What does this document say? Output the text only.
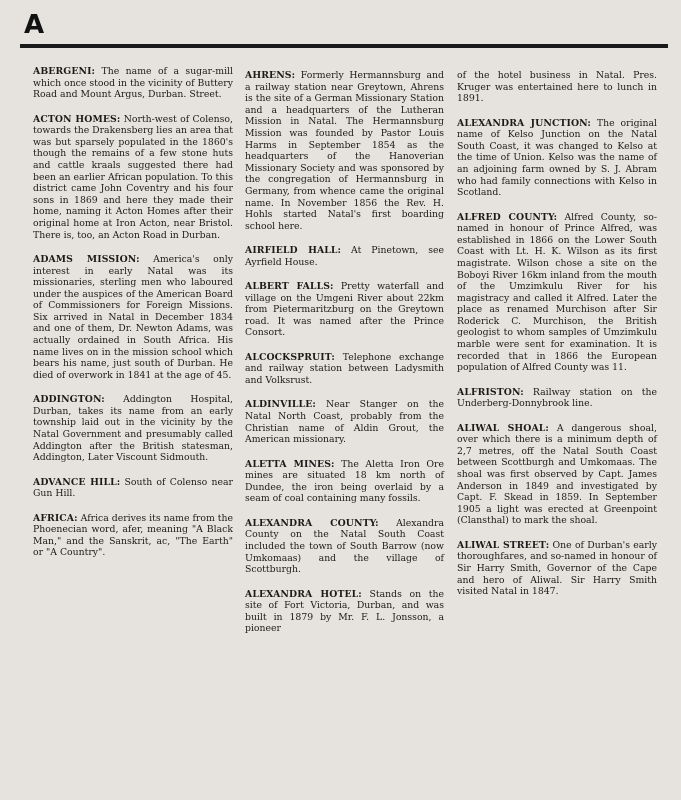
A

ABERGENI: The name of a sugar-mill which once stood in the vicinity of Buttery Road and Mount Argus, Durban. Street.

ACTON HOMES: North-west of Colenso, towards the Drakensberg lies an area that was but sparsely populated in the 1860's though the remains of a few stone huts and cattle kraals suggested there had been an earlier African population. To this district came John Coventry and his four sons in 1869 and here they made their home, naming it Acton Homes after their original home at Iron Acton, near Bristol. There is, too, an Acton Road in Durban.

ADAMS MISSION: America's only interest in early Natal was its missionaries, sterling men who laboured under the auspices of the American Board of Commissioners for Foreign Missions. Six arrived in Natal in December 1834 and one of them, Dr. Newton Adams, was actually ordained in South Africa. His name lives on in the mission school which bears his name, just south of Durban. He died of overwork in 1841 at the age of 45.

ADDINGTON: Addington Hospital, Durban, takes its name from an early township laid out in the vicinity by the Natal Government and presumably called Addington after the British statesman, Addington, Later Viscount Sidmouth.

ADVANCE HILL: South of Colenso near Gun Hill.

AFRICA: Africa derives its name from the Phoenecian word, afer, meaning "A Black Man," and the Sanskrit, ac, "The Earth" or "A Country".

AHRENS: Formerly Hermannsburg and a railway station near Greytown, Ahrens is the site of a German Missionary Station and a headquarters of the Lutheran Mission in Natal. The Hermannsburg Mission was founded by Pastor Louis Harms in September 1854 as the headquarters of the Hanoverian Missionary Society and was sponsored by the congregation of Hermannsburg in Germany, from whence came the original name. In November 1856 the Rev. H. Hohls started Natal's first boarding school here.

AIRFIELD HALL: At Pinetown, see Ayrfield House.

ALBERT FALLS: Pretty waterfall and village on the Umgeni River about 22km from Pietermaritzburg on the Greytown road. It was named after the Prince Consort.

ALCOCKSPRUIT: Telephone exchange and railway station between Ladysmith and Volksrust.

ALDINVILLE: Near Stanger on the Natal North Coast, probably from the Christian name of Aldin Grout, the American missionary.

ALETTA MINES: The Aletta Iron Ore mines are situated 18 km north of Dundee, the iron being overlaid by a seam of coal containing many fossils.

ALEXANDRA COUNTY: Alexandra County on the Natal South Coast included the town of South Barrow (now Umkomaas) and the village of Scottburgh.

ALEXANDRA HOTEL: Stands on the site of Fort Victoria, Durban, and was built in 1879 by Mr. F. L. Jonsson, a pioneer

of the hotel business in Natal. Pres. Kruger was entertained here to lunch in 1891.

ALEXANDRA JUNCTION: The original name of Kelso Junction on the Natal South Coast, it was changed to Kelso at the time of Union. Kelso was the name of an adjoining farm owned by S. J. Abram who had family connections with Kelso in Scotland.

ALFRED COUNTY: Alfred County, so-named in honour of Prince Alfred, was established in 1866 on the Lower South Coast with Lt. H. K. Wilson as its first magistrate. Wilson chose a site on the Boboyi River 16km inland from the mouth of the Umzimkulu River for his magistracy and called it Alfred. Later the place as renamed Murchison after Sir Roderick C. Murchison, the British geologist to whom samples of Umzimkulu marble were sent for examination. It is recorded that in 1866 the European population of Alfred County was 11.

ALFRISTON: Railway station on the Underberg-Donnybrook line.

ALIWAL SHOAL: A dangerous shoal, over which there is a minimum depth of 2,7 metres, off the Natal South Coast between Scottburgh and Umkomaas. The shoal was first observed by Capt. James Anderson in 1849 and investigated by Capt. F. Skead in 1859. In September 1905 a light was erected at Greenpoint (Clansthal) to mark the shoal.

ALIWAL STREET: One of Durban's early thoroughfares, and so-named in honour of Sir Harry Smith, Governor of the Cape and hero of Aliwal. Sir Harry Smith visited Natal in 1847.
